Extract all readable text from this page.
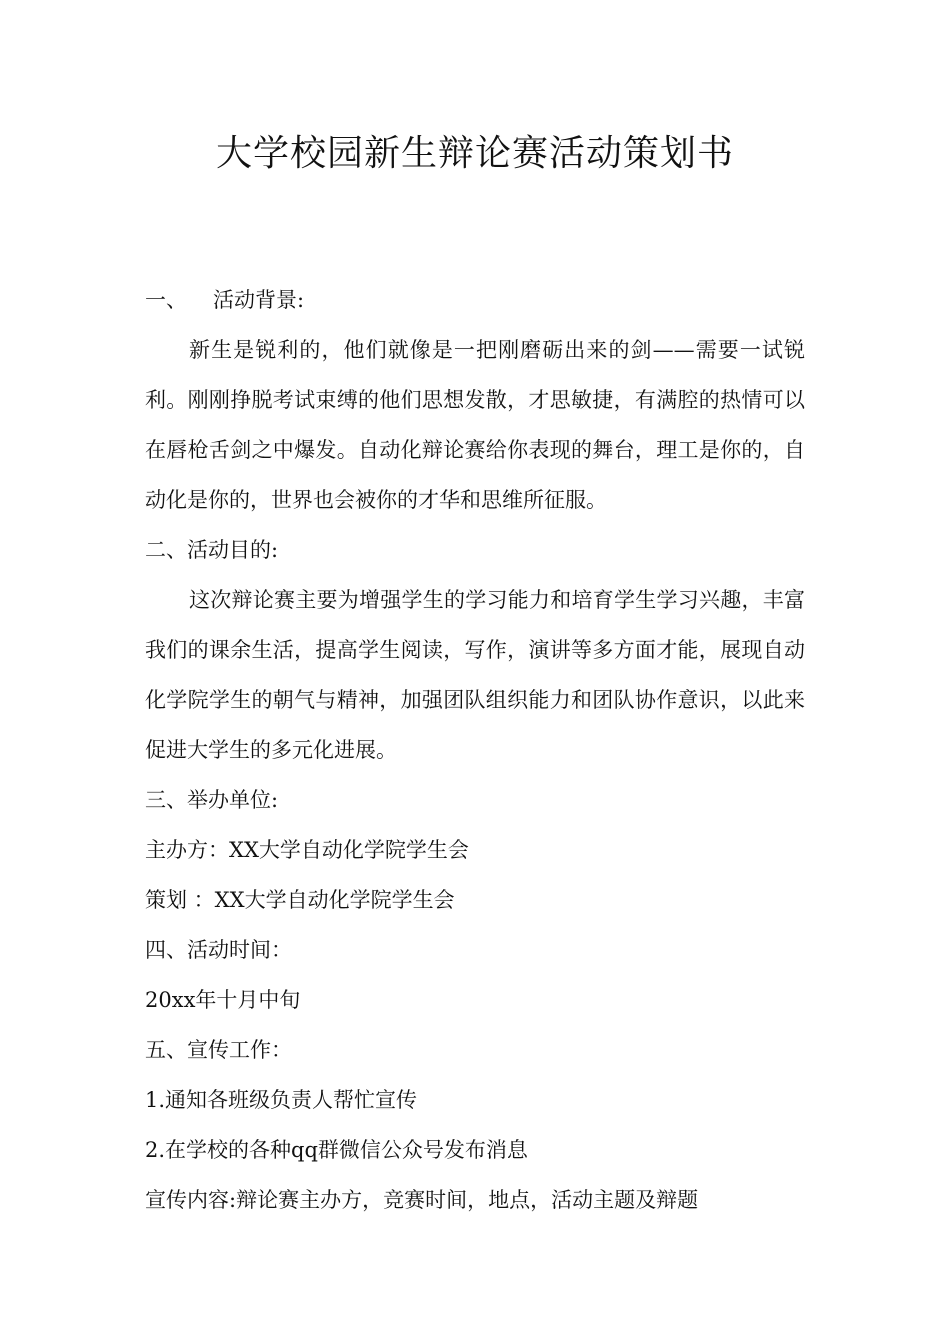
大学校园新生辩论赛活动策划书

一、 活动背景:

新生是锐利的，他们就像是一把刚磨砺出来的剑——需要一试锐利。刚刚挣脱考试束缚的他们思想发散，才思敏捷，有满腔的热情可以在唇枪舌剑之中爆发。自动化辩论赛给你表现的舞台，理工是你的，自动化是你的，世界也会被你的才华和思维所征服。

二、活动目的:

这次辩论赛主要为增强学生的学习能力和培育学生学习兴趣，丰富我们的课余生活，提高学生阅读，写作，演讲等多方面才能，展现自动化学院学生的朝气与精神，加强团队组织能力和团队协作意识，以此来促进大学生的多元化进展。

三、举办单位:

主办方：XX大学自动化学院学生会

策划 ：XX大学自动化学院学生会

四、活动时间：

20xx年十月中旬

五、宣传工作：

1.通知各班级负责人帮忙宣传

2.在学校的各种qq群微信公众号发布消息

宣传内容:辩论赛主办方，竞赛时间，地点，活动主题及辩题
